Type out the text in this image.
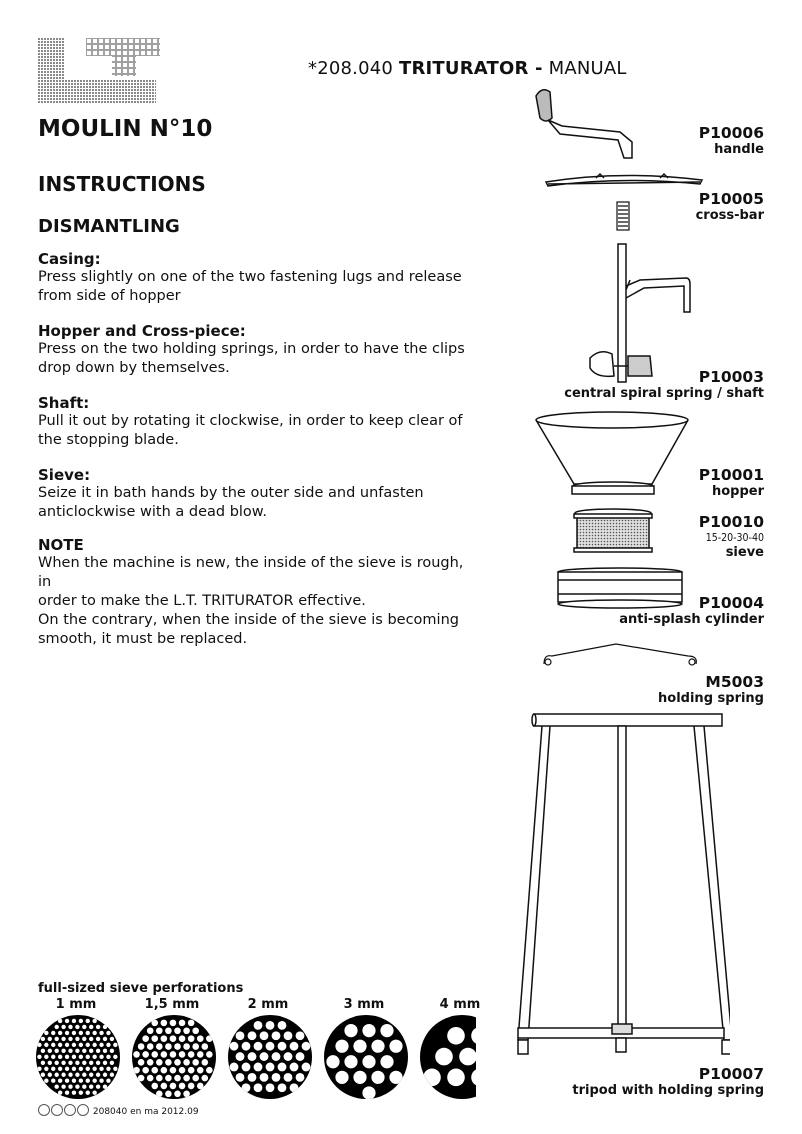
*208.040 TRITURATOR - MANUAL
MOULIN N°10
INSTRUCTIONS
DISMANTLING

Casing:

Press slightly on one of the two fastening lugs and release
from side of hopper

Hopper and Cross-piece:

Press on the two holding springs, in order to have the clips
drop down by themselves.

Shaft:

Pull it out by rotating it clockwise, in order to keep clear of
the stopping blade.

Sieve:

Seize it in bath hands by the outer side and unfasten
anticlockwise with a dead blow.

NOTE

When the machine is new, the inside of the sieve is rough, in
order to make the L.T. TRITURATOR effective.
On the contrary, when the inside of the sieve is becoming
smooth, it must be replaced.

P10006
handle
P10005
cross-bar
P10003
central spiral spring / shaft
P10001
hopper
P10010
15-20-30-40
sieve
P10004
anti-splash cylinder
M5003
holding spring
P10007
tripod with holding spring
full-sized sieve perforations
1 mm	1,5 mm	2 mm	3 mm	4 mm
208040 en ma 2012.09
